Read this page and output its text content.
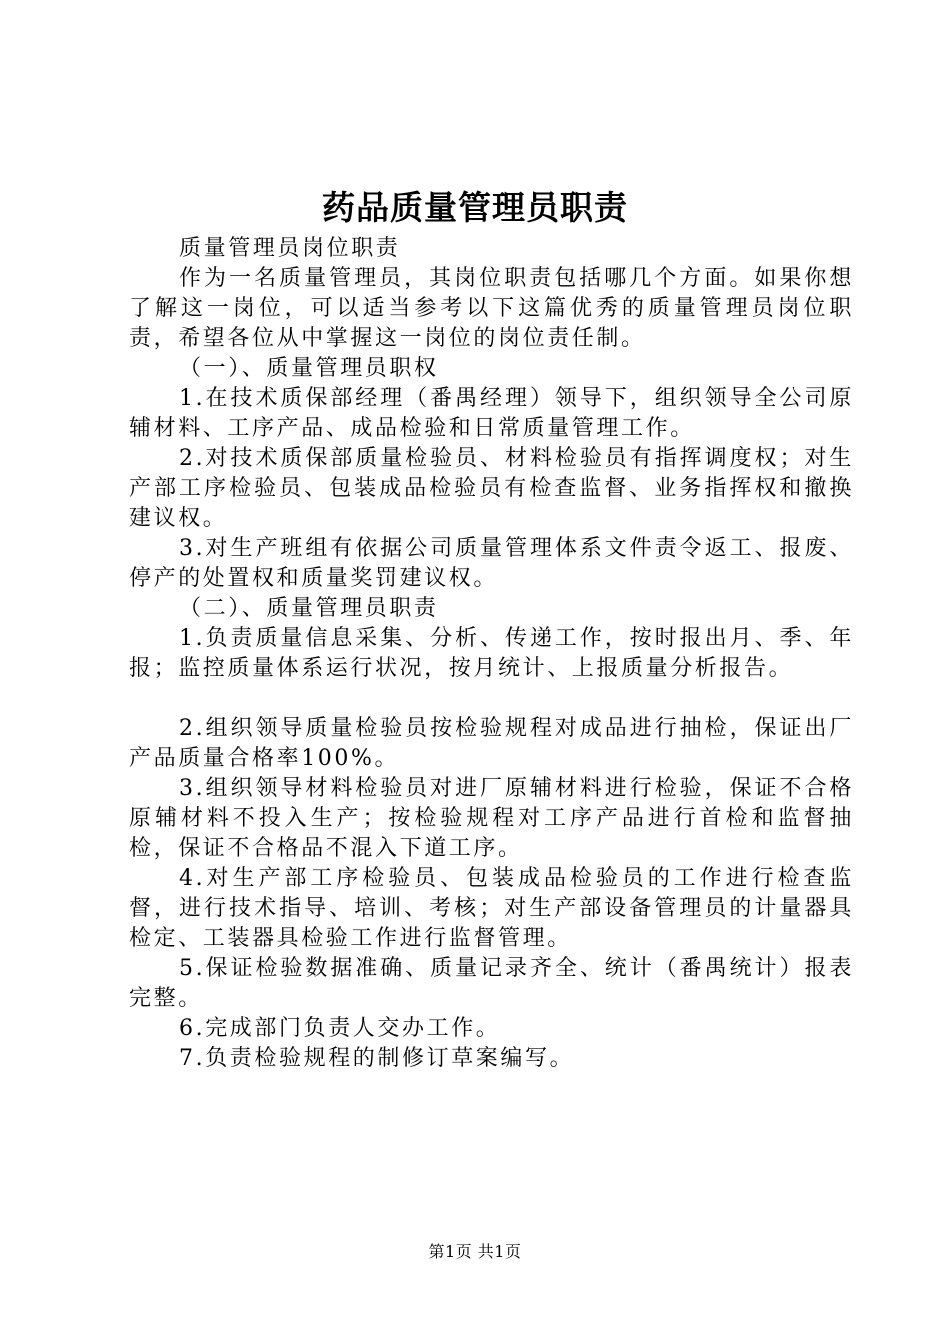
药品质量管理员职责

质量管理员岗位职责

作为一名质量管理员，其岗位职责包括哪几个方面。如果你想了解这一岗位，可以适当参考以下这篇优秀的质量管理员岗位职责，希望各位从中掌握这一岗位的岗位责任制。

（一）、质量管理员职权

1.在技术质保部经理（番禺经理）领导下，组织领导全公司原辅材料、工序产品、成品检验和日常质量管理工作。

2.对技术质保部质量检验员、材料检验员有指挥调度权；对生产部工序检验员、包装成品检验员有检查监督、业务指挥权和撤换建议权。

3.对生产班组有依据公司质量管理体系文件责令返工、报废、停产的处置权和质量奖罚建议权。

（二）、质量管理员职责

1.负责质量信息采集、分析、传递工作，按时报出月、季、年报；监控质量体系运行状况，按月统计、上报质量分析报告。

2.组织领导质量检验员按检验规程对成品进行抽检，保证出厂产品质量合格率100%。

3.组织领导材料检验员对进厂原辅材料进行检验，保证不合格原辅材料不投入生产；按检验规程对工序产品进行首检和监督抽检，保证不合格品不混入下道工序。

4.对生产部工序检验员、包装成品检验员的工作进行检查监督，进行技术指导、培训、考核；对生产部设备管理员的计量器具检定、工装器具检验工作进行监督管理。

5.保证检验数据准确、质量记录齐全、统计（番禺统计）报表完整。

6.完成部门负责人交办工作。

7.负责检验规程的制修订草案编写。

第1页 共1页
